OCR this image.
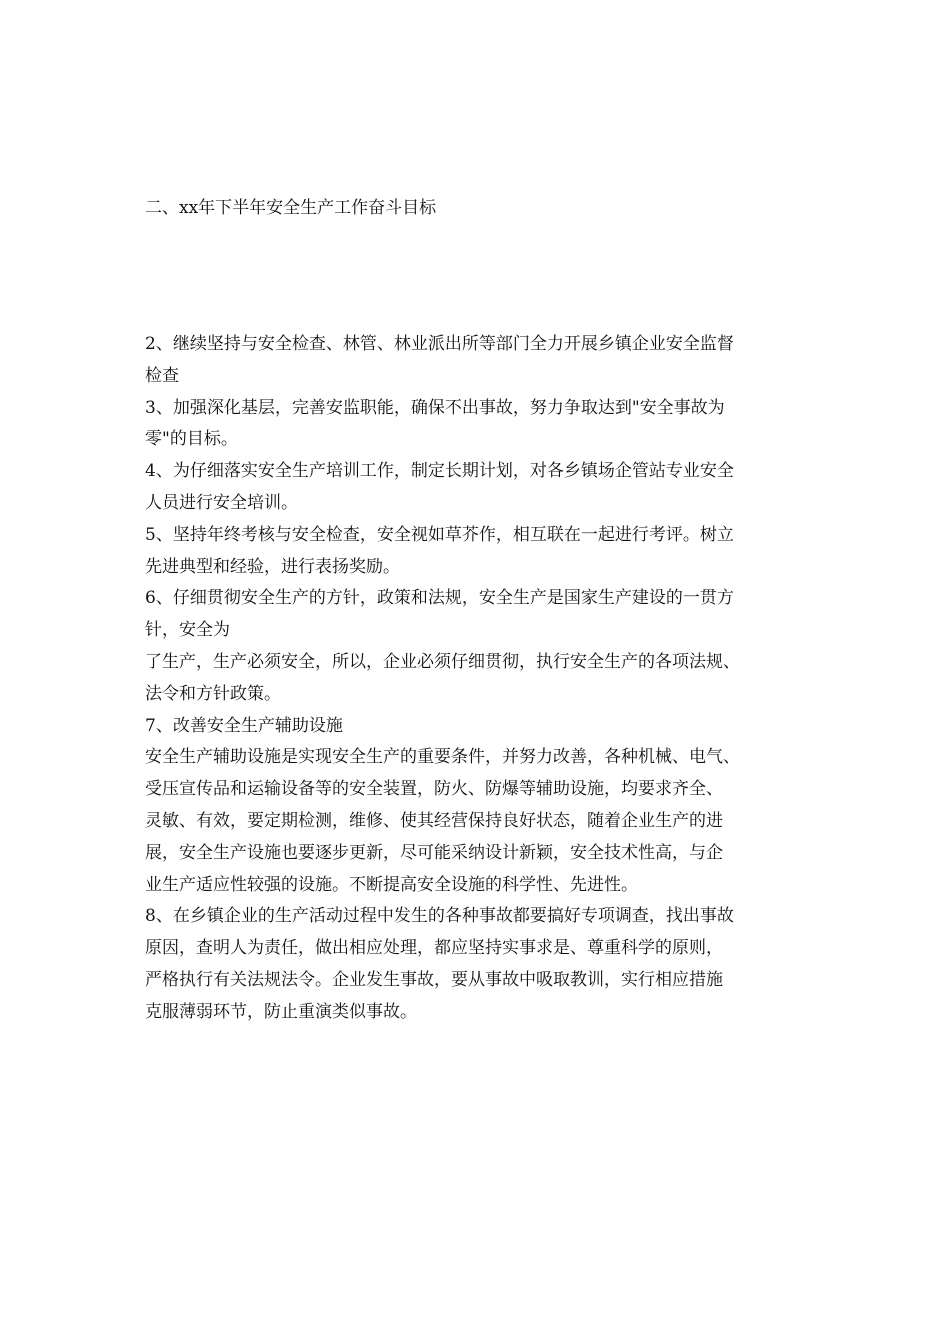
二、xx年下半年安全生产工作奋斗目标
2、继续坚持与安全检查、林管、林业派出所等部门全力开展乡镇企业安全监督
检查
3、加强深化基层，完善安监职能，确保不出事故，努力争取达到"安全事故为
零"的目标。
4、为仔细落实安全生产培训工作，制定长期计划，对各乡镇场企管站专业安全
人员进行安全培训。
5、坚持年终考核与安全检查，安全视如草芥作，相互联在一起进行考评。树立
先进典型和经验，进行表扬奖励。
6、仔细贯彻安全生产的方针，政策和法规，安全生产是国家生产建设的一贯方
针，安全为
了生产，生产必须安全，所以，企业必须仔细贯彻，执行安全生产的各项法规、
法令和方针政策。
7、改善安全生产辅助设施
安全生产辅助设施是实现安全生产的重要条件，并努力改善，各种机械、电气、
受压宣传品和运输设备等的安全装置，防火、防爆等辅助设施，均要求齐全、
灵敏、有效，要定期检测，维修、使其经营保持良好状态，随着企业生产的进
展，安全生产设施也要逐步更新，尽可能采纳设计新颖，安全技术性高，与企
业生产适应性较强的设施。不断提高安全设施的科学性、先进性。
8、在乡镇企业的生产活动过程中发生的各种事故都要搞好专项调查，找出事故
原因，查明人为责任，做出相应处理，都应坚持实事求是、尊重科学的原则，
严格执行有关法规法令。企业发生事故，要从事故中吸取教训，实行相应措施
克服薄弱环节，防止重演类似事故。
